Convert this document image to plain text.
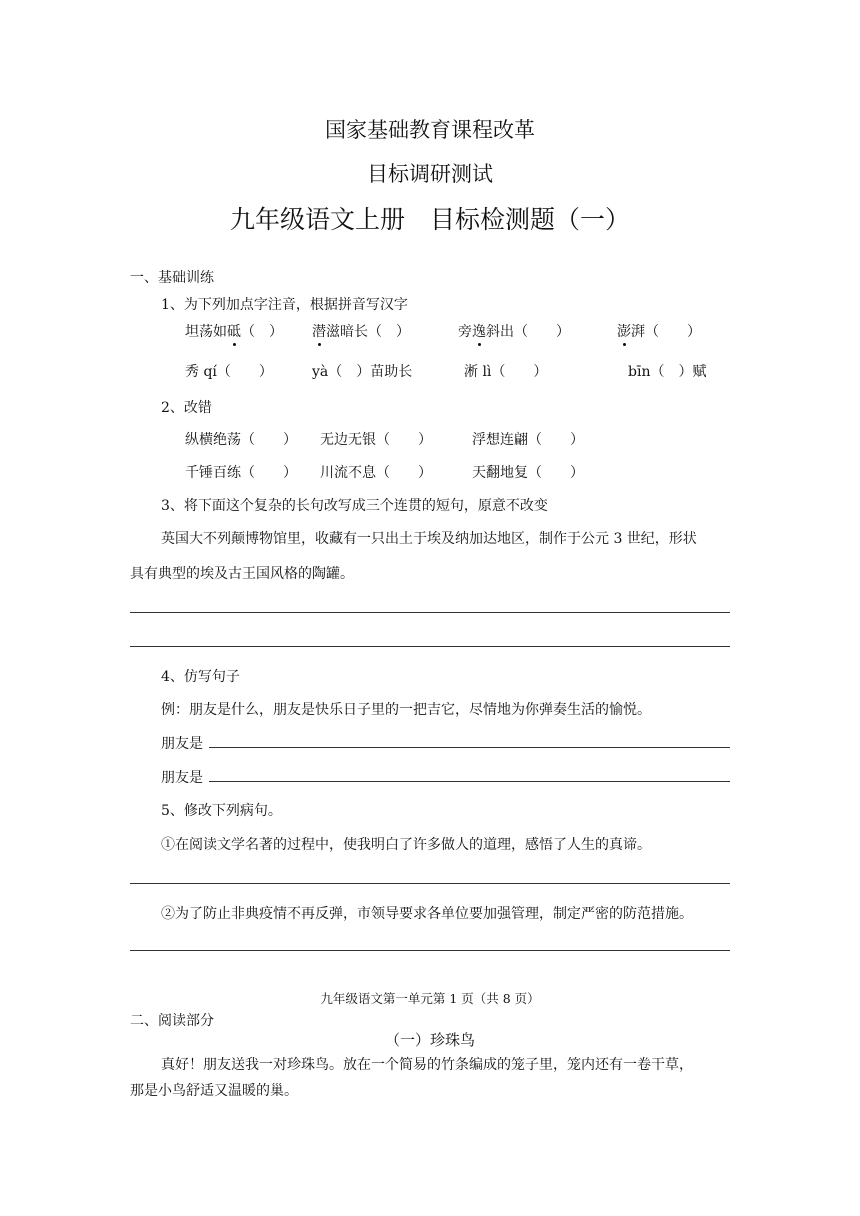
国家基础教育课程改革
目标调研测试
九年级语文上册　目标检测题（一）
一、基础训练
1、为下列加点字注音，根据拼音写汉字
坦荡如砥（　） 潜滋暗长（　）	旁逸斜出（　　）	澎湃（　　）
秀 qí（　　）	yà（　）苗助长	淅 lì（　　）	bīn（　）赋
2、改错
纵横绝荡（　　） 无边无银（　　）	浮想连翩（　　）
千锤百练（　　） 川流不息（　　）	天翻地复（　　）
3、将下面这个复杂的长句改写成三个连贯的短句，原意不改变
英国大不列颠博物馆里，收藏有一只出土于埃及纳加达地区，制作于公元 3 世纪，形状
具有典型的埃及古王国风格的陶罐。
4、仿写句子
例：朋友是什么，朋友是快乐日子里的一把吉它，尽情地为你弹奏生活的愉悦。
朋友是
朋友是
5、修改下列病句。
①在阅读文学名著的过程中，使我明白了许多做人的道理，感悟了人生的真谛。
②为了防止非典疫情不再反弹，市领导要求各单位要加强管理，制定严密的防范措施。
九年级语文第一单元第 1 页（共 8 页）
二、阅读部分
（一）珍珠鸟
真好！朋友送我一对珍珠鸟。放在一个简易的竹条编成的笼子里，笼内还有一卷干草，
那是小鸟舒适又温暖的巢。
